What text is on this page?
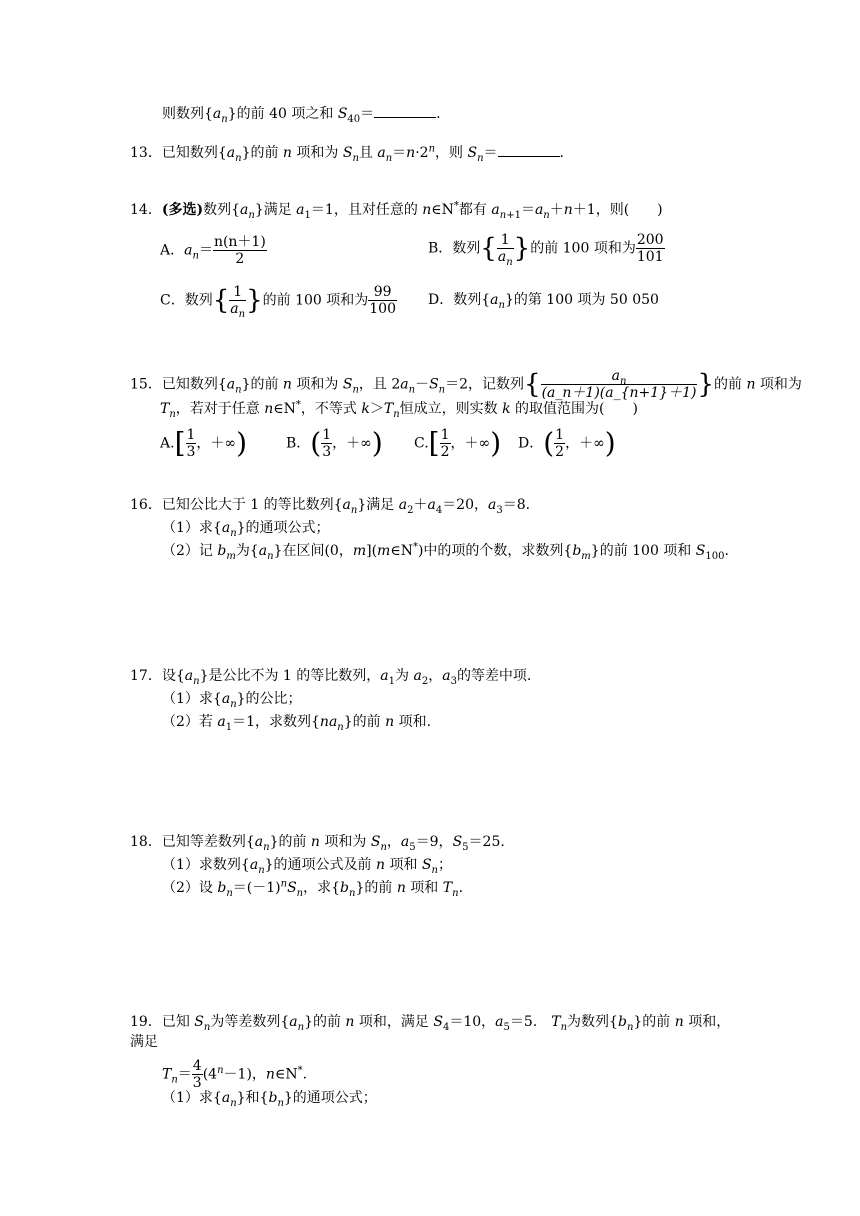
则数列$\{a_n\}$的前 40 项之和 $S_{40}=$	.
13．已知数列$\{a_n\}$的前 n 项和为 $S_n$且 $a_n=n\cdot 2^n$，则 $S_n=$	.
14．(多选)数列$\{a_n\}$满足 $a_1=1$，且对任意的 n∈N*都有 $a_{n+1}=a_n+n+1$，则(　　)
A．$a_n= \frac{n(n+1)}{2}$	B．数列{ $\frac{1}{a_n}$ }的前 100 项和为 $\frac{200}{101}$
C．数列{ $\frac{1}{a_n}$ }的前 100 项和为 $\frac{99}{100}$ D．数列$\{a_n\}$的第 100 项为 50 050
15．已知数列$\{a_n\}$的前 n 项和为 $S_n$，且 $2a_n-S_n=2$，记数列{ $\frac{a_n}{(a\_n+1)(a\_\{n+1\}+1)}$ }的前 n 项和为
$T_n$，若对于任意 n∈N*，不等式 $k>T_n$恒成立，则实数 k 的取值范围为(　　)
$A.[ \frac{1}{3}$ ，＋∞)	B．( $\frac{1}{3}$ ，＋∞) $C.[ \frac{1}{2}$ ，＋∞) D．( $\frac{1}{2}$ ，＋∞)
16．已知公比大于 1 的等比数列$\{a_n\}$满足 $a_2+a_4=20$，$a_3=8$.
（1）求$\{a_n\}$的通项公式；
（2）记 $b_m$为$\{a_n\}$在区间(0，m](m∈N*)中的项的个数，求数列$\{b_m\}$的前 100 项和 $S_{100}$.
17．设$\{a_n\}$是公比不为 1 的等比数列，$a_1$为 $a_2$，$a_3$的等差中项.
（1）求$\{a_n\}$的公比；
（2）若 $a_1=1$，求数列$\{na_n\}$的前 n 项和.
18．已知等差数列$\{a_n\}$的前 n 项和为 $S_n$，$a_5=9$，$S_5=25$.
（1）求数列$\{a_n\}$的通项公式及前 n 项和 $S_n$；
（2）设 $b_n=(-1)^nS_n$，求$\{b_n\}$的前 n 项和 $T_n$.
19．已知 $S_n$为等差数列$\{a_n\}$的前 n 项和，满足 $S_4=10$，$a_5=5$.　$T_n$为数列$\{b_n\}$的前 n 项和，
满足
$T_n= \frac{4}{3} (4^n-1)$，n∈N*.
（1）求$\{a_n\}$和$\{b_n\}$的通项公式；
